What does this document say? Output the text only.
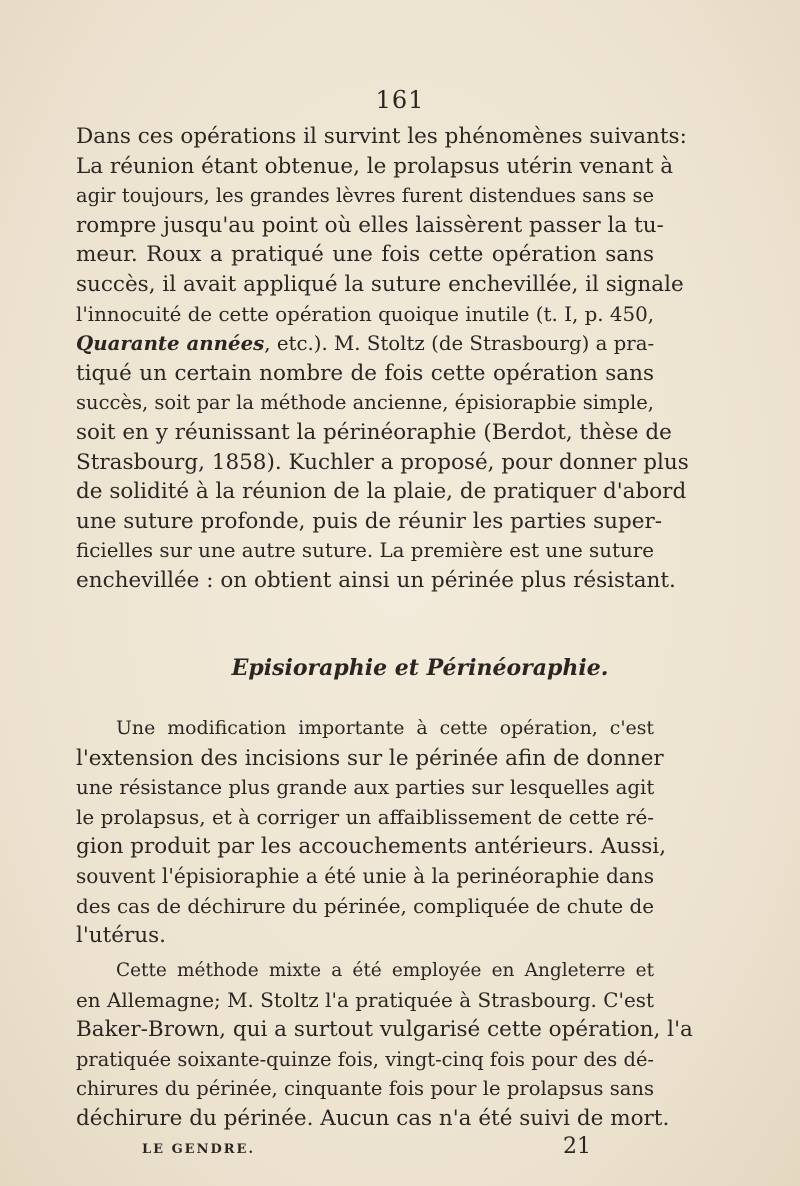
161
Dans ces opérations il survint les phénomènes suivants:
La réunion étant obtenue, le prolapsus utérin venant à
agir toujours, les grandes lèvres furent distendues sans se
rompre jusqu'au point où elles laissèrent passer la tu-
meur. Roux a pratiqué une fois cette opération sans
succès, il avait appliqué la suture enchevillée, il signale
l'innocuité de cette opération quoique inutile (t. I, p. 450,
Quarante années, etc.). M. Stoltz (de Strasbourg) a pra-
tiqué un certain nombre de fois cette opération sans
succès, soit par la méthode ancienne, épisiorapbie simple,
soit en y réunissant la périnéoraphie (Berdot, thèse de
Strasbourg, 1858). Kuchler a proposé, pour donner plus
de solidité à la réunion de la plaie, de pratiquer d'abord
une suture profonde, puis de réunir les parties super-
ficielles sur une autre suture. La première est une suture
enchevillée : on obtient ainsi un périnée plus résistant.
Episioraphie et Périnéoraphie.
Une modification importante à cette opération, c'est
l'extension des incisions sur le périnée afin de donner
une résistance plus grande aux parties sur lesquelles agit
le prolapsus, et à corriger un affaiblissement de cette ré-
gion produit par les accouchements antérieurs. Aussi,
souvent l'épisioraphie a été unie à la perinéoraphie dans
des cas de déchirure du périnée, compliquée de chute de
l'utérus.
Cette méthode mixte a été employée en Angleterre et
en Allemagne; M. Stoltz l'a pratiquée à Strasbourg. C'est
Baker-Brown, qui a surtout vulgarisé cette opération, l'a
pratiquée soixante-quinze fois, vingt-cinq fois pour des dé-
chirures du périnée, cinquante fois pour le prolapsus sans
déchirure du périnée. Aucun cas n'a été suivi de mort.
LE GENDRE.	21
